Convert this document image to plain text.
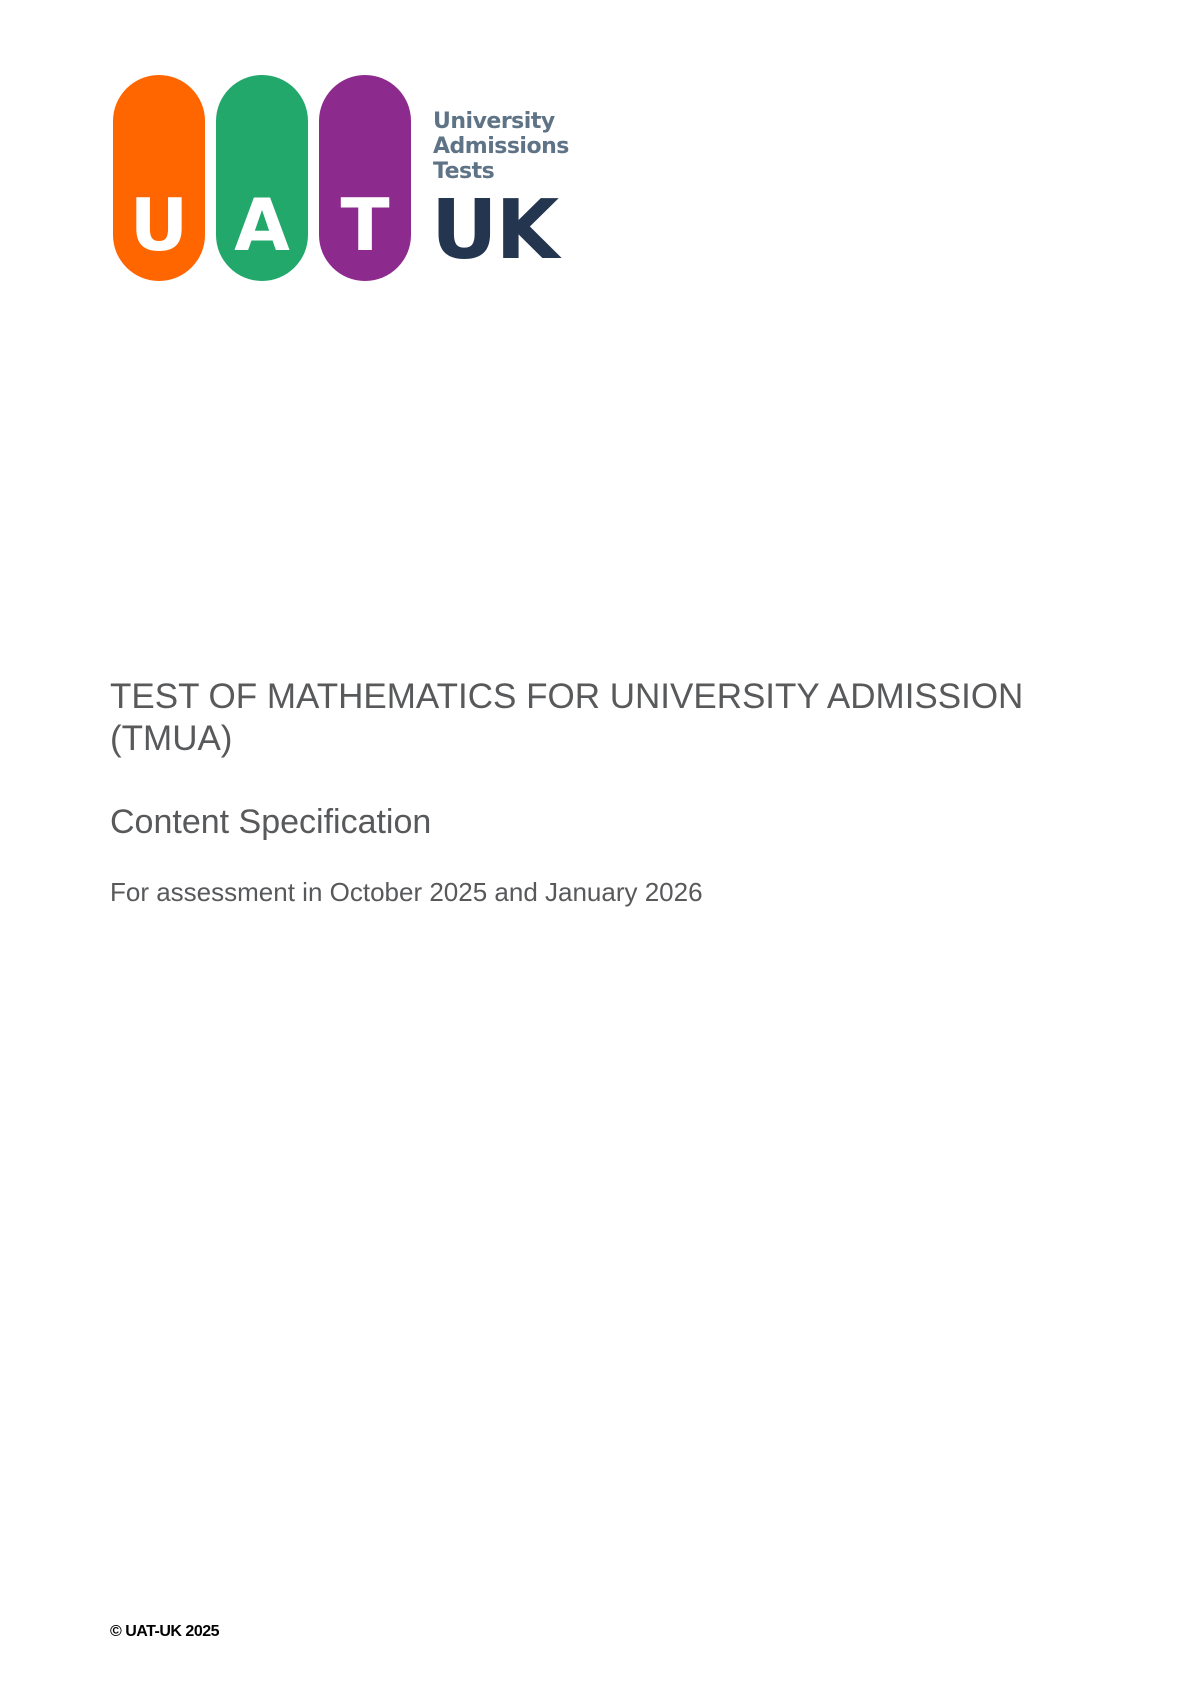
U A T
University
Admissions
Tests
UK
TEST OF MATHEMATICS FOR UNIVERSITY ADMISSION (TMUA)
Content Specification

For assessment in October 2025 and January 2026

© UAT-UK 2025
